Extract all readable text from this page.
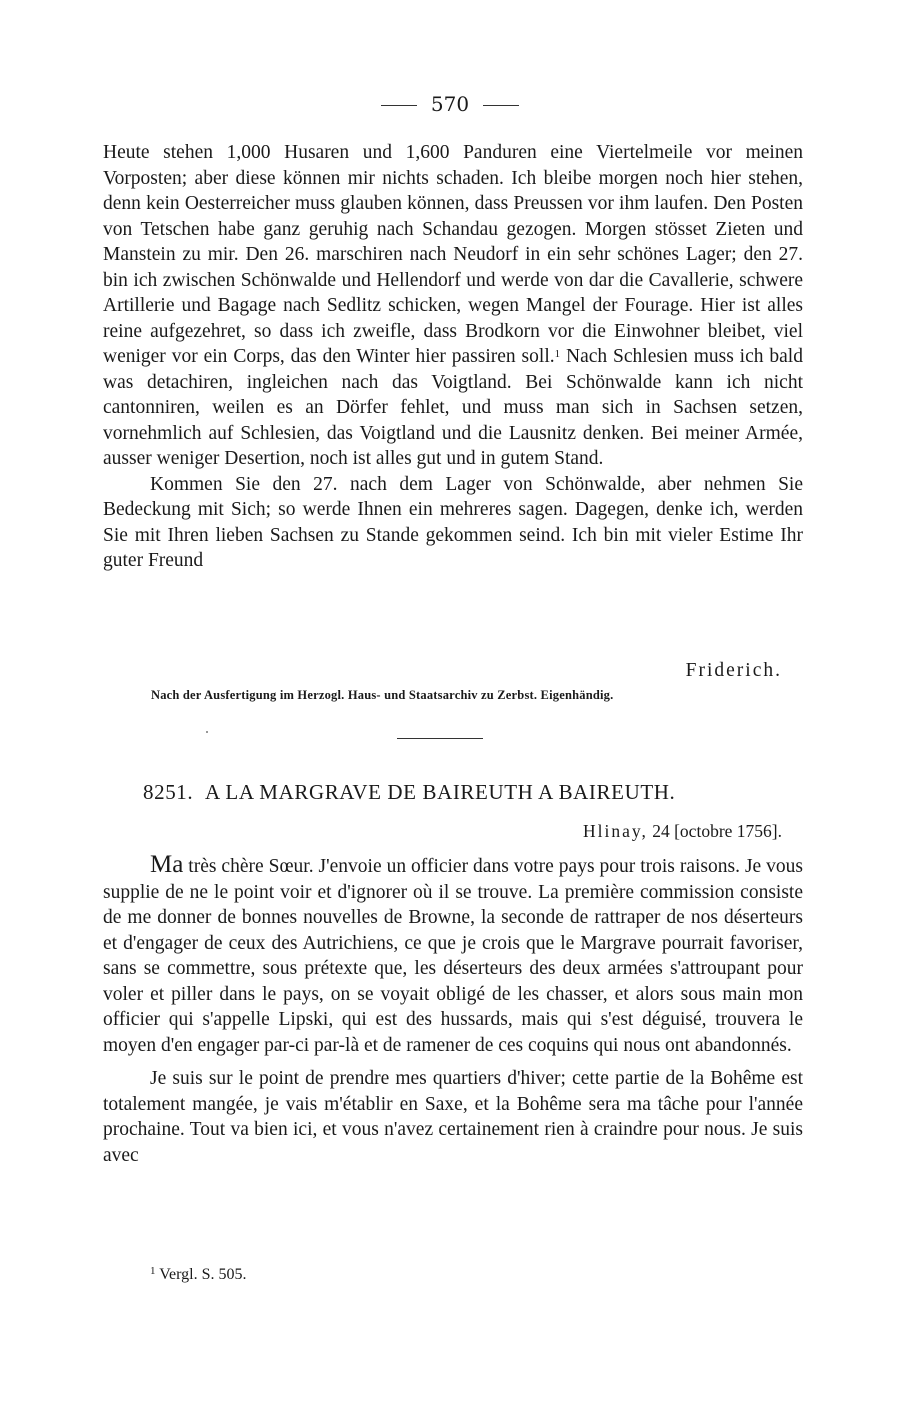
570

Heute stehen 1,000 Husaren und 1,600 Panduren eine Viertelmeile vor meinen Vorposten; aber diese können mir nichts schaden. Ich bleibe morgen noch hier stehen, denn kein Oesterreicher muss glauben können, dass Preussen vor ihm laufen. Den Posten von Tetschen habe ganz geruhig nach Schandau gezogen. Morgen stösset Zieten und Manstein zu mir. Den 26. marschiren nach Neudorf in ein sehr schönes Lager; den 27. bin ich zwischen Schönwalde und Hellendorf und werde von dar die Cavallerie, schwere Artillerie und Bagage nach Sedlitz schicken, wegen Mangel der Fourage. Hier ist alles reine aufgezehret, so dass ich zweifle, dass Brodkorn vor die Einwohner bleibet, viel weniger vor ein Corps, das den Winter hier passiren soll.$^1$ Nach Schlesien muss ich bald was detachiren, ingleichen nach das Voigtland. Bei Schönwalde kann ich nicht cantonniren, weilen es an Dörfer fehlet, und muss man sich in Sachsen setzen, vornehmlich auf Schlesien, das Voigtland und die Lausnitz denken. Bei meiner Armée, ausser weniger Desertion, noch ist alles gut und in gutem Stand.

Kommen Sie den 27. nach dem Lager von Schönwalde, aber nehmen Sie Bedeckung mit Sich; so werde Ihnen ein mehreres sagen. Dagegen, denke ich, werden Sie mit Ihren lieben Sachsen zu Stande gekommen seind. Ich bin mit vieler Estime Ihr guter Freund

Friderich.
Nach der Ausfertigung im Herzogl. Haus- und Staatsarchiv zu Zerbst. Eigenhändig.
8251. A LA MARGRAVE DE BAIREUTH A BAIREUTH.
Hlinay, 24 [octobre 1756].

Ma très chère Sœur. J'envoie un officier dans votre pays pour trois raisons. Je vous supplie de ne le point voir et d'ignorer où il se trouve. La première commission consiste de me donner de bonnes nouvelles de Browne, la seconde de rattraper de nos déserteurs et d'engager de ceux des Autrichiens, ce que je crois que le Margrave pourrait favoriser, sans se commettre, sous prétexte que, les déserteurs des deux armées s'attroupant pour voler et piller dans le pays, on se voyait obligé de les chasser, et alors sous main mon officier qui s'appelle Lipski, qui est des hussards, mais qui s'est déguisé, trouvera le moyen d'en engager par-ci par-là et de ramener de ces coquins qui nous ont abandonnés.

Je suis sur le point de prendre mes quartiers d'hiver; cette partie de la Bohême est totalement mangée, je vais m'établir en Saxe, et la Bohême sera ma tâche pour l'année prochaine. Tout va bien ici, et vous n'avez certainement rien à craindre pour nous. Je suis avec

$^1$ Vergl. S. 505.
